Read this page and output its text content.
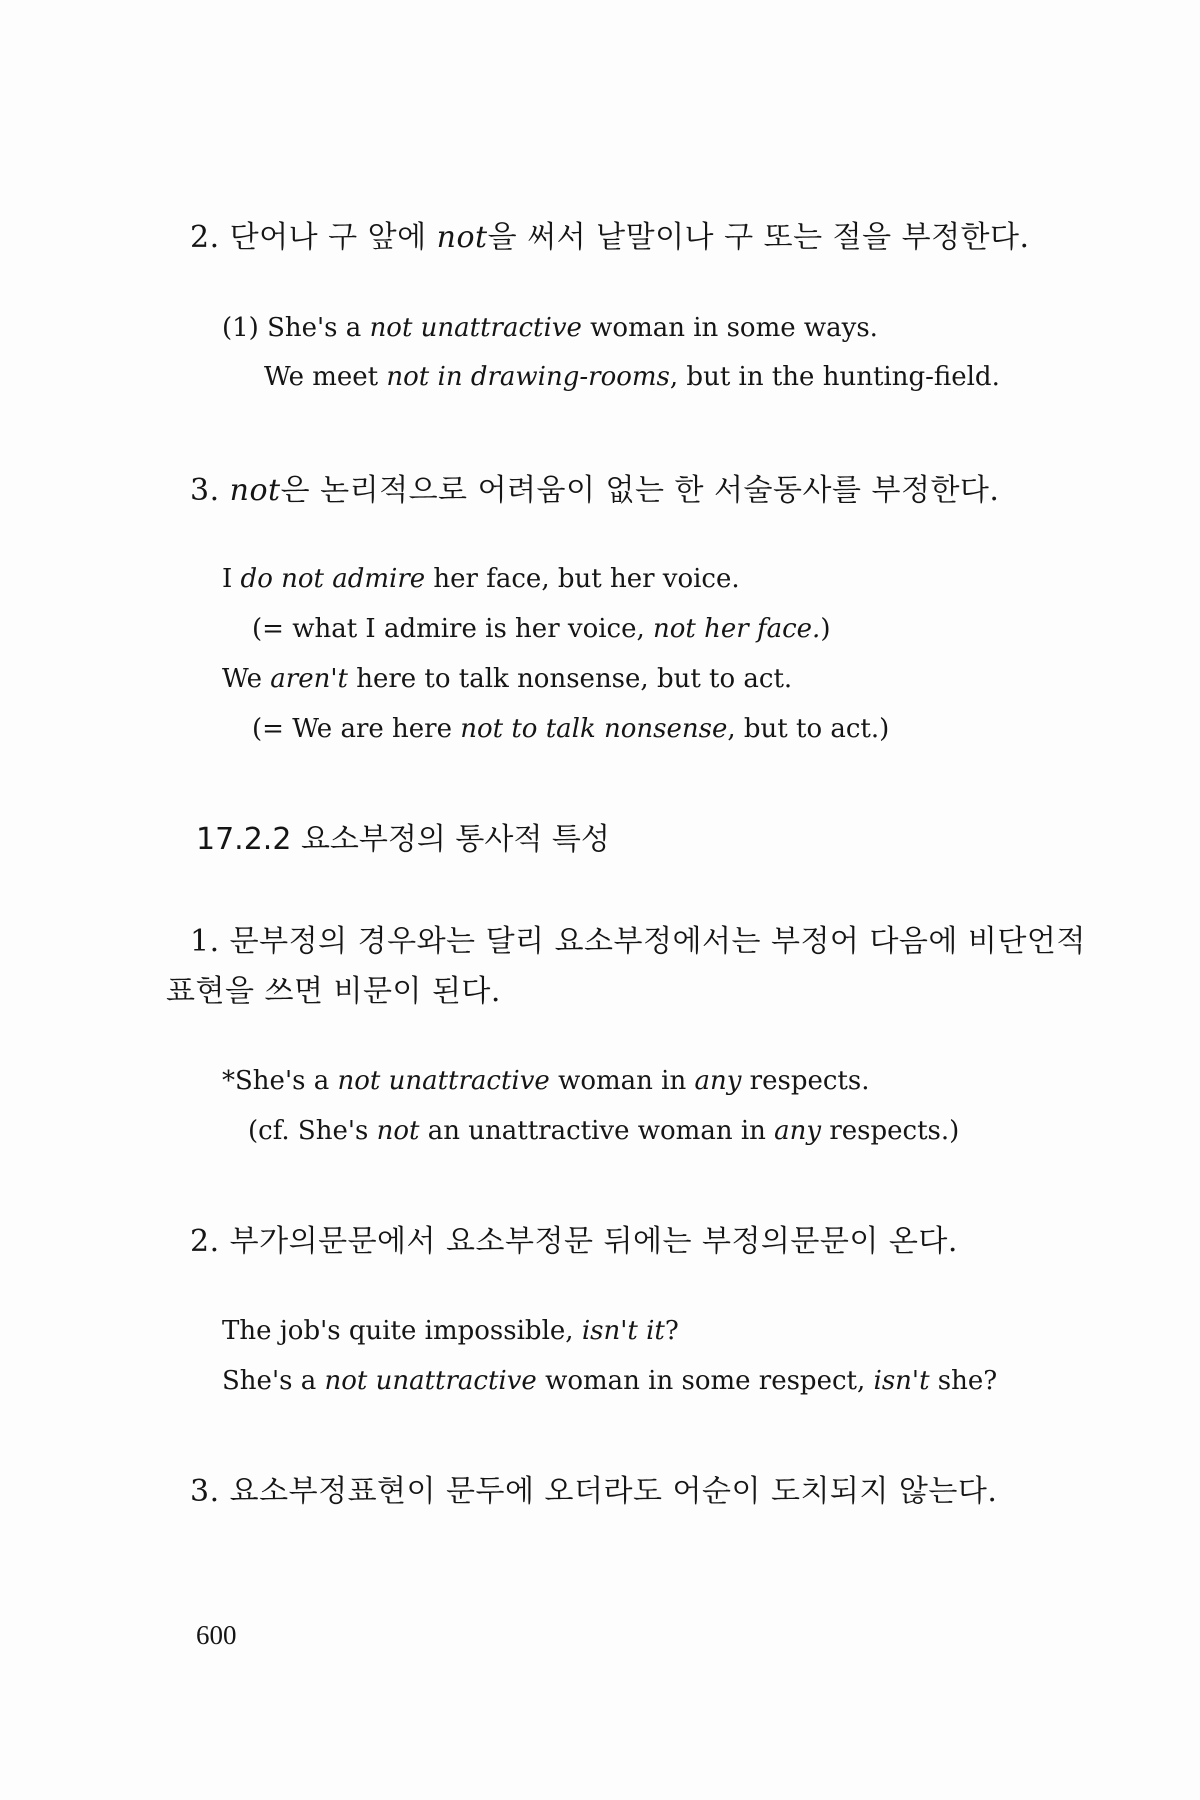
2. 단어나 구 앞에 not을 써서 낱말이나 구 또는 절을 부정한다.
(1) She's a not unattractive woman in some ways.
We meet not in drawing-rooms, but in the hunting-field.
3. not은 논리적으로 어려움이 없는 한 서술동사를 부정한다.
I do not admire her face, but her voice.
(= what I admire is her voice, not her face.)
We aren't here to talk nonsense, but to act.
(= We are here not to talk nonsense, but to act.)
17.2.2 요소부정의 통사적 특성
1. 문부정의 경우와는 달리 요소부정에서는 부정어 다음에 비단언적
표현을 쓰면 비문이 된다.
*She's a not unattractive woman in any respects.
(cf. She's not an unattractive woman in any respects.)
2. 부가의문문에서 요소부정문 뒤에는 부정의문문이 온다.
The job's quite impossible, isn't it?
She's a not unattractive woman in some respect, isn't she?
3. 요소부정표현이 문두에 오더라도 어순이 도치되지 않는다.
600
